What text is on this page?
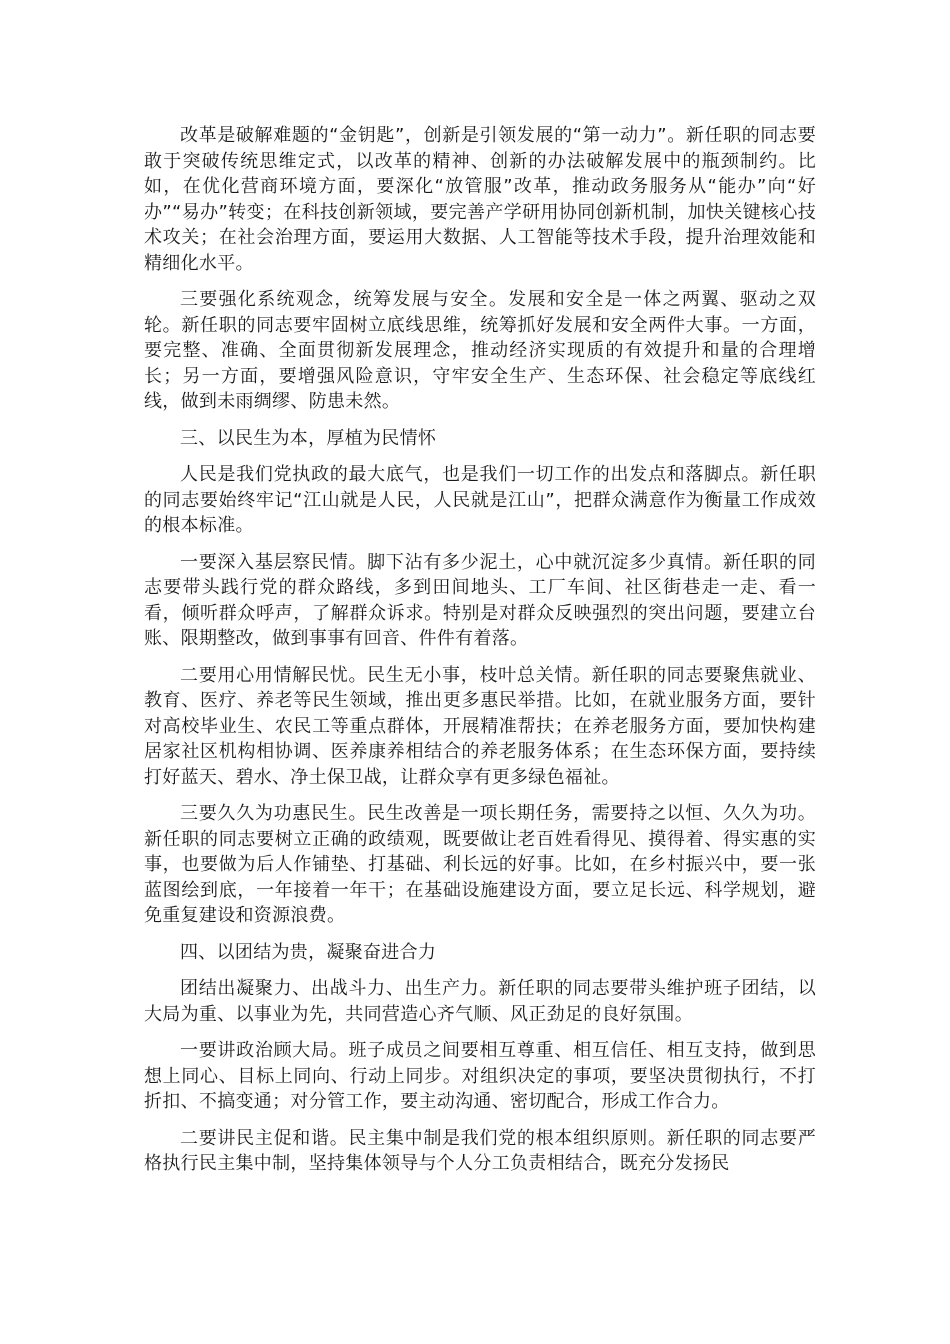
改革是破解难题的“金钥匙”，创新是引领发展的“第一动力”。新任职的同志要敢于突破传统思维定式，以改革的精神、创新的办法破解发展中的瓶颈制约。比如，在优化营商环境方面，要深化“放管服”改革，推动政务服务从“能办”向“好办”“易办”转变；在科技创新领域，要完善产学研用协同创新机制，加快关键核心技术攻关；在社会治理方面，要运用大数据、人工智能等技术手段，提升治理效能和精细化水平。

三要强化系统观念，统筹发展与安全。发展和安全是一体之两翼、驱动之双轮。新任职的同志要牢固树立底线思维，统筹抓好发展和安全两件大事。一方面，要完整、准确、全面贯彻新发展理念，推动经济实现质的有效提升和量的合理增长；另一方面，要增强风险意识，守牢安全生产、生态环保、社会稳定等底线红线，做到未雨绸缪、防患未然。

三、以民生为本，厚植为民情怀

人民是我们党执政的最大底气，也是我们一切工作的出发点和落脚点。新任职的同志要始终牢记“江山就是人民，人民就是江山”，把群众满意作为衡量工作成效的根本标准。

一要深入基层察民情。脚下沾有多少泥土，心中就沉淀多少真情。新任职的同志要带头践行党的群众路线，多到田间地头、工厂车间、社区街巷走一走、看一看，倾听群众呼声，了解群众诉求。特别是对群众反映强烈的突出问题，要建立台账、限期整改，做到事事有回音、件件有着落。

二要用心用情解民忧。民生无小事，枝叶总关情。新任职的同志要聚焦就业、教育、医疗、养老等民生领域，推出更多惠民举措。比如，在就业服务方面，要针对高校毕业生、农民工等重点群体，开展精准帮扶；在养老服务方面，要加快构建居家社区机构相协调、医养康养相结合的养老服务体系；在生态环保方面，要持续打好蓝天、碧水、净土保卫战，让群众享有更多绿色福祉。

三要久久为功惠民生。民生改善是一项长期任务，需要持之以恒、久久为功。新任职的同志要树立正确的政绩观，既要做让老百姓看得见、摸得着、得实惠的实事，也要做为后人作铺垫、打基础、利长远的好事。比如，在乡村振兴中，要一张蓝图绘到底，一年接着一年干；在基础设施建设方面，要立足长远、科学规划，避免重复建设和资源浪费。

四、以团结为贵，凝聚奋进合力

团结出凝聚力、出战斗力、出生产力。新任职的同志要带头维护班子团结，以大局为重、以事业为先，共同营造心齐气顺、风正劲足的良好氛围。

一要讲政治顾大局。班子成员之间要相互尊重、相互信任、相互支持，做到思想上同心、目标上同向、行动上同步。对组织决定的事项，要坚决贯彻执行，不打折扣、不搞变通；对分管工作，要主动沟通、密切配合，形成工作合力。

二要讲民主促和谐。民主集中制是我们党的根本组织原则。新任职的同志要严格执行民主集中制，坚持集体领导与个人分工负责相结合，既充分发扬民
